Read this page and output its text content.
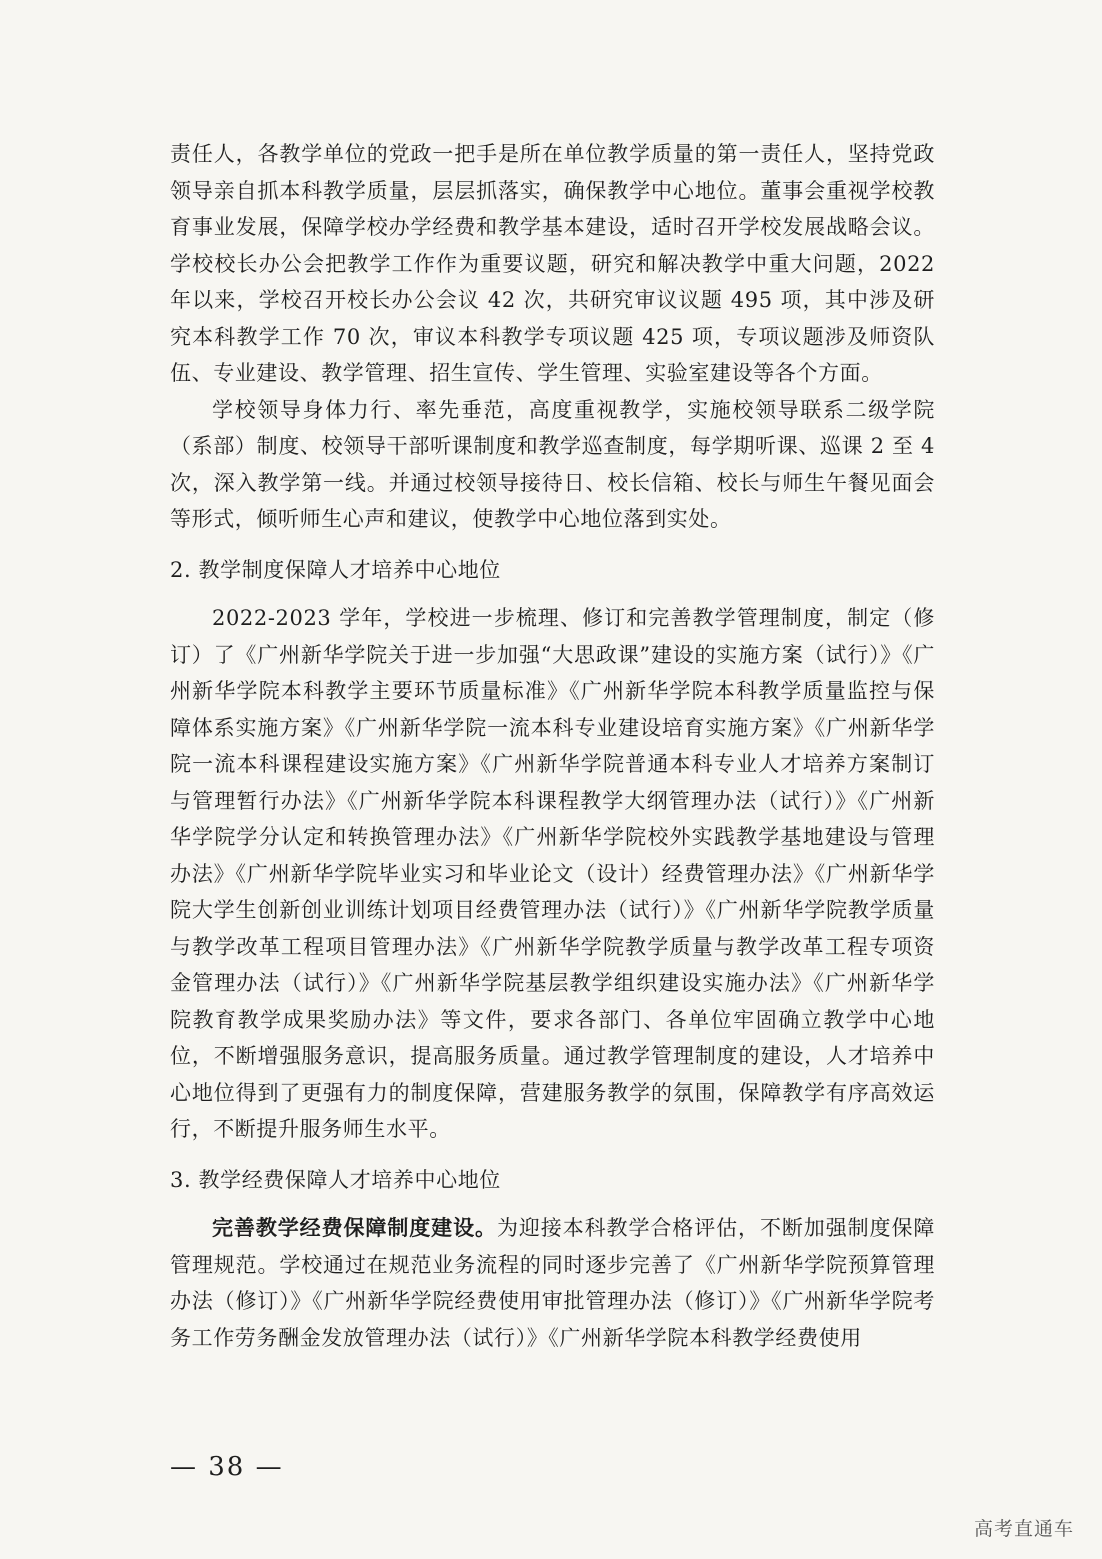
责任人，各教学单位的党政一把手是所在单位教学质量的第一责任人，坚持党政领导亲自抓本科教学质量，层层抓落实，确保教学中心地位。董事会重视学校教育事业发展，保障学校办学经费和教学基本建设，适时召开学校发展战略会议。学校校长办公会把教学工作作为重要议题，研究和解决教学中重大问题，2022 年以来，学校召开校长办公会议 42 次，共研究审议议题 495 项，其中涉及研究本科教学工作 70 次，审议本科教学专项议题 425 项，专项议题涉及师资队伍、专业建设、教学管理、招生宣传、学生管理、实验室建设等各个方面。

学校领导身体力行、率先垂范，高度重视教学，实施校领导联系二级学院（系部）制度、校领导干部听课制度和教学巡查制度，每学期听课、巡课 2 至 4 次，深入教学第一线。并通过校领导接待日、校长信箱、校长与师生午餐见面会等形式，倾听师生心声和建议，使教学中心地位落到实处。

2. 教学制度保障人才培养中心地位

2022-2023 学年，学校进一步梳理、修订和完善教学管理制度，制定（修订）了《广州新华学院关于进一步加强“大思政课”建设的实施方案（试行）》《广州新华学院本科教学主要环节质量标准》《广州新华学院本科教学质量监控与保障体系实施方案》《广州新华学院一流本科专业建设培育实施方案》《广州新华学院一流本科课程建设实施方案》《广州新华学院普通本科专业人才培养方案制订与管理暂行办法》《广州新华学院本科课程教学大纲管理办法（试行）》《广州新华学院学分认定和转换管理办法》《广州新华学院校外实践教学基地建设与管理办法》《广州新华学院毕业实习和毕业论文（设计）经费管理办法》《广州新华学院大学生创新创业训练计划项目经费管理办法（试行）》《广州新华学院教学质量与教学改革工程项目管理办法》《广州新华学院教学质量与教学改革工程专项资金管理办法（试行）》《广州新华学院基层教学组织建设实施办法》《广州新华学院教育教学成果奖励办法》等文件，要求各部门、各单位牢固确立教学中心地位，不断增强服务意识，提高服务质量。通过教学管理制度的建设，人才培养中心地位得到了更强有力的制度保障，营建服务教学的氛围，保障教学有序高效运行，不断提升服务师生水平。

3. 教学经费保障人才培养中心地位

完善教学经费保障制度建设。为迎接本科教学合格评估，不断加强制度保障管理规范。学校通过在规范业务流程的同时逐步完善了《广州新华学院预算管理办法（修订）》《广州新华学院经费使用审批管理办法（修订）》《广州新华学院考务工作劳务酬金发放管理办法（试行）》《广州新华学院本科教学经费使用

— 38 —
高考直通车
